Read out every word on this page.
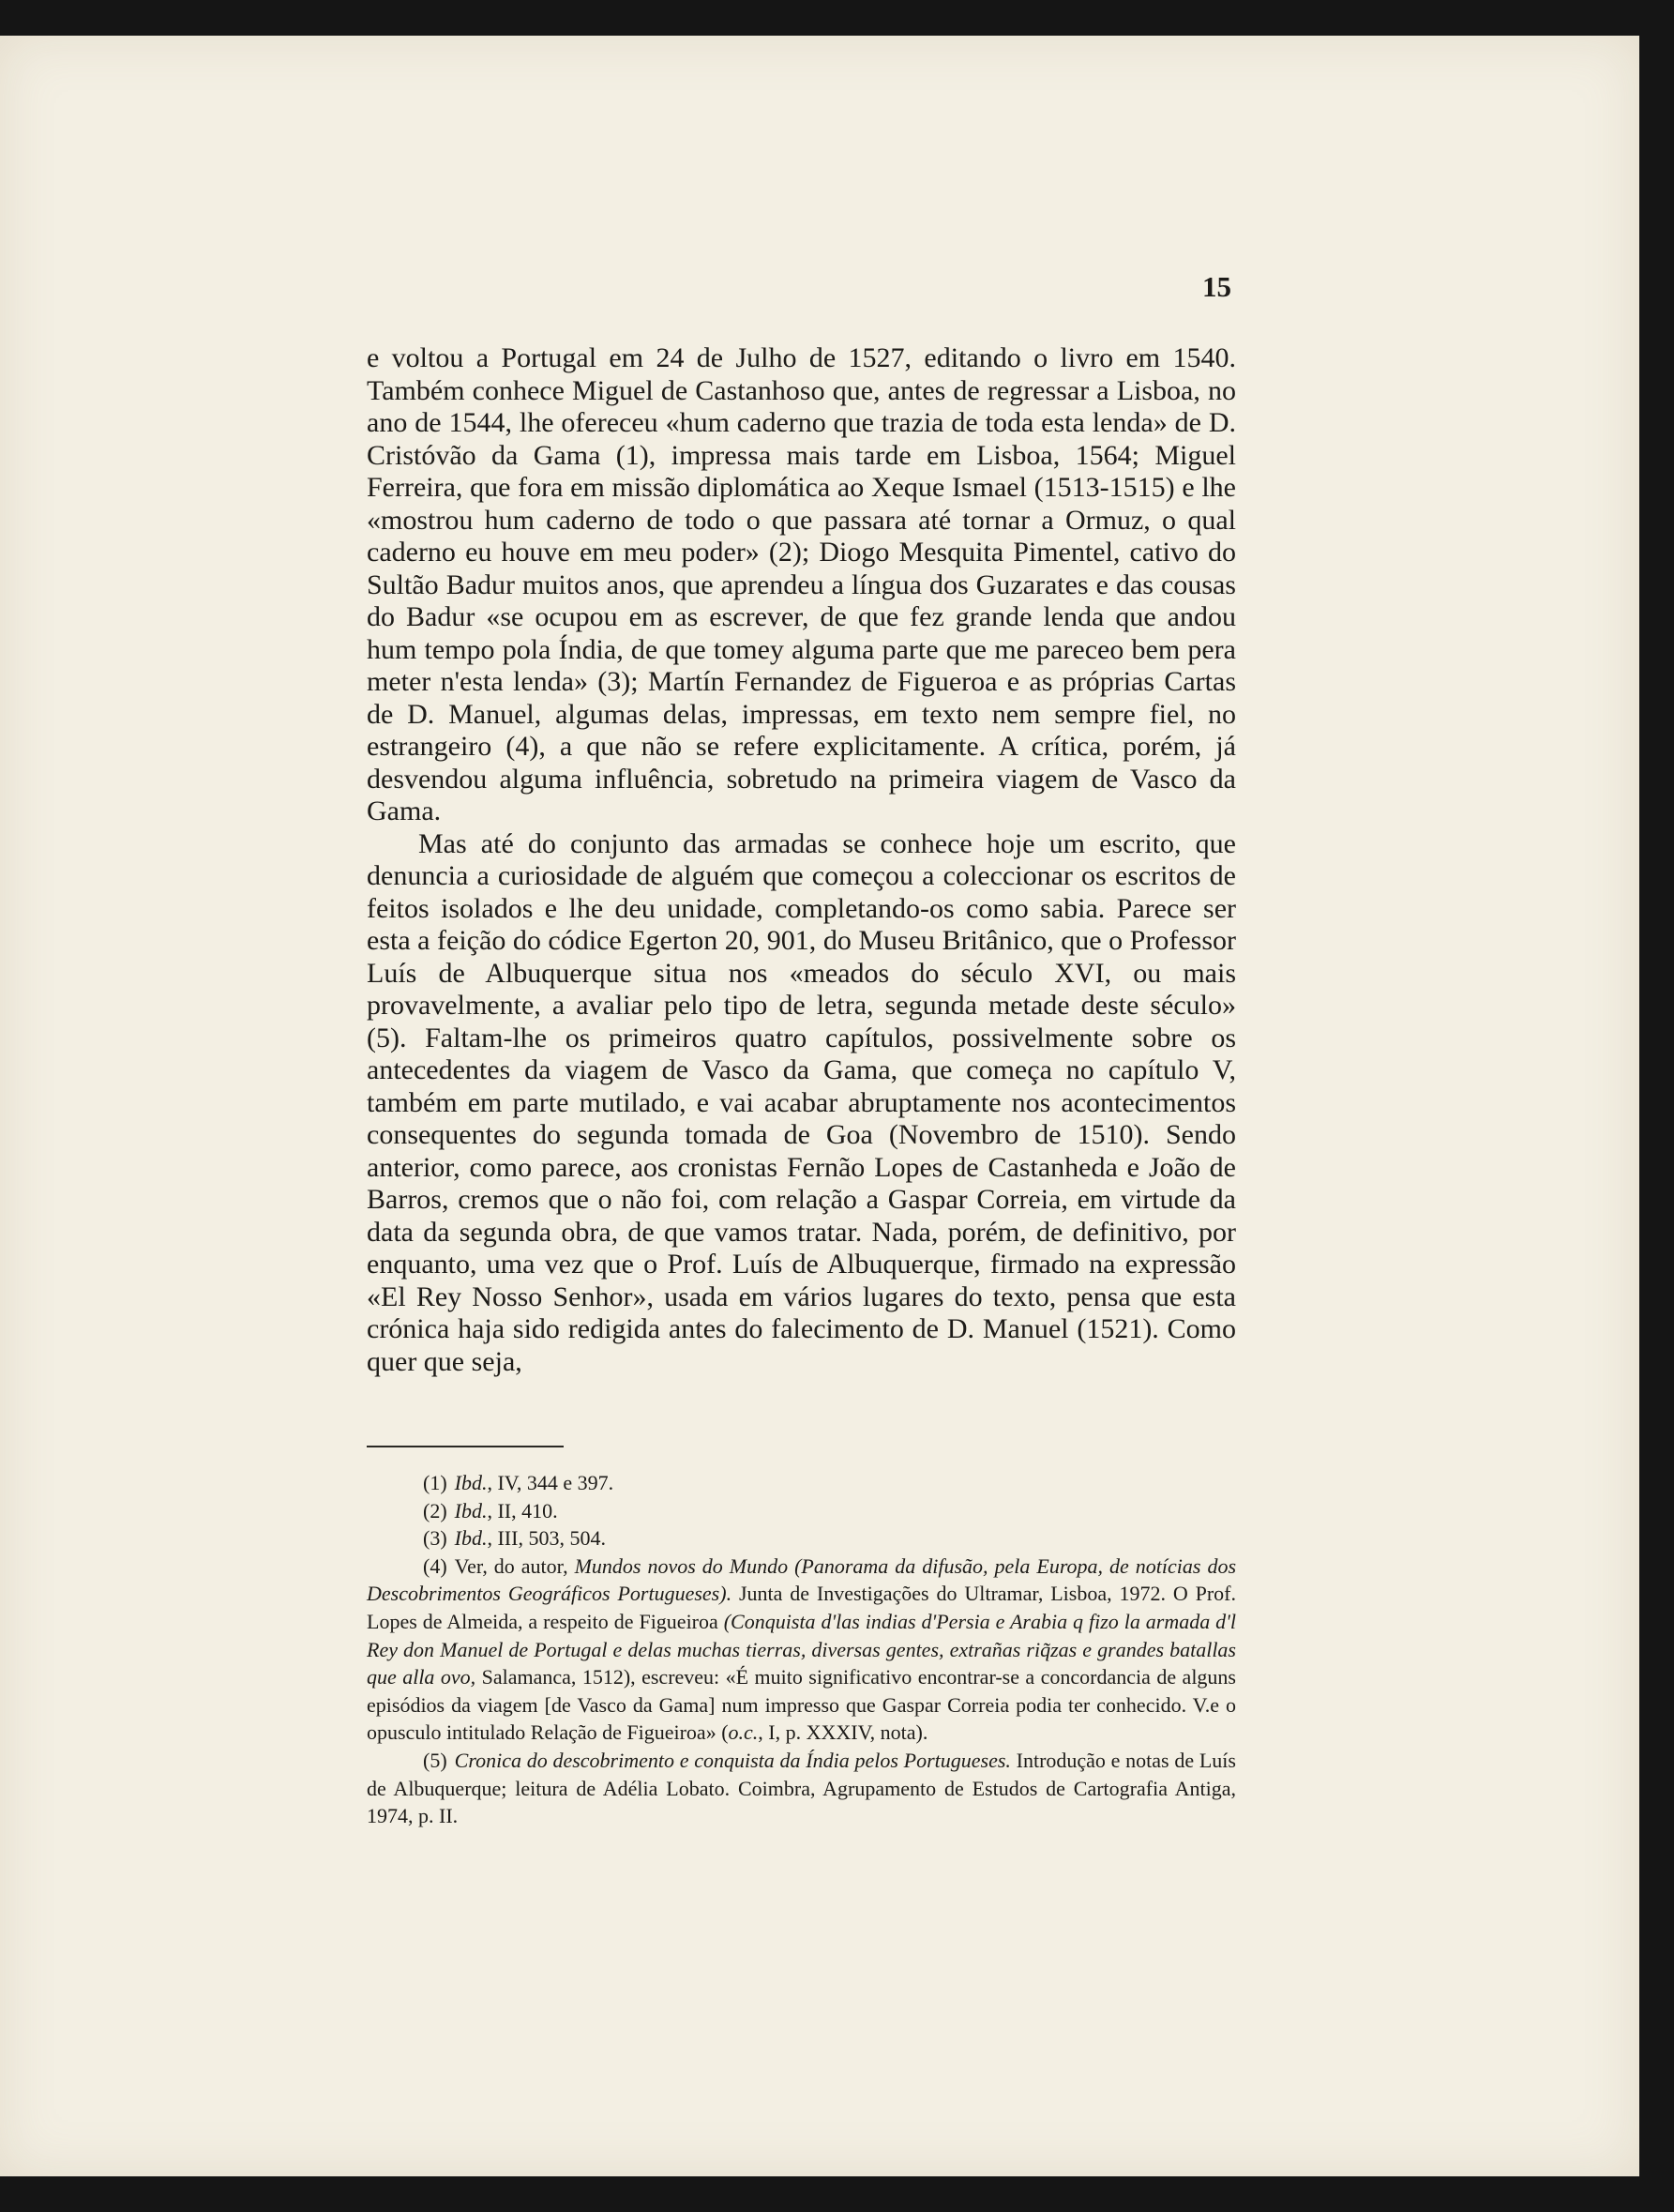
15

e voltou a Portugal em 24 de Julho de 1527, editando o livro em 1540. Também conhece Miguel de Castanhoso que, antes de regressar a Lisboa, no ano de 1544, lhe ofereceu «hum caderno que trazia de toda esta lenda» de D. Cristóvão da Gama (1), impressa mais tarde em Lisboa, 1564; Miguel Ferreira, que fora em missão diplomática ao Xeque Ismael (1513-1515) e lhe «mostrou hum caderno de todo o que passara até tornar a Ormuz, o qual caderno eu houve em meu poder» (2); Diogo Mesquita Pimentel, cativo do Sultão Badur muitos anos, que aprendeu a língua dos Guzarates e das cousas do Badur «se ocupou em as escrever, de que fez grande lenda que andou hum tempo pola Índia, de que tomey alguma parte que me pareceo bem pera meter n'esta lenda» (3); Martín Fernandez de Figueroa e as próprias Cartas de D. Manuel, algumas delas, impressas, em texto nem sempre fiel, no estrangeiro (4), a que não se refere explicitamente. A crítica, porém, já desvendou alguma influência, sobretudo na primeira viagem de Vasco da Gama.

Mas até do conjunto das armadas se conhece hoje um escrito, que denuncia a curiosidade de alguém que começou a coleccionar os escritos de feitos isolados e lhe deu unidade, completando-os como sabia. Parece ser esta a feição do códice Egerton 20, 901, do Museu Britânico, que o Professor Luís de Albuquerque situa nos «meados do século XVI, ou mais provavelmente, a avaliar pelo tipo de letra, segunda metade deste século» (5). Faltam-lhe os primeiros quatro capítulos, possivelmente sobre os antecedentes da viagem de Vasco da Gama, que começa no capítulo V, também em parte mutilado, e vai acabar abruptamente nos acontecimentos consequentes do segunda tomada de Goa (Novembro de 1510). Sendo anterior, como parece, aos cronistas Fernão Lopes de Castanheda e João de Barros, cremos que o não foi, com relação a Gaspar Correia, em virtude da data da segunda obra, de que vamos tratar. Nada, porém, de definitivo, por enquanto, uma vez que o Prof. Luís de Albuquerque, firmado na expressão «El Rey Nosso Senhor», usada em vários lugares do texto, pensa que esta crónica haja sido redigida antes do falecimento de D. Manuel (1521). Como quer que seja,

(1) Ibd., IV, 344 e 397.

(2) Ibd., II, 410.

(3) Ibd., III, 503, 504.

(4) Ver, do autor, Mundos novos do Mundo (Panorama da difusão, pela Europa, de notícias dos Descobrimentos Geográficos Portugueses). Junta de Investigações do Ultramar, Lisboa, 1972. O Prof. Lopes de Almeida, a respeito de Figueiroa (Conquista d'las indias d'Persia e Arabia q fizo la armada d'l Rey don Manuel de Portugal e delas muchas tierras, diversas gentes, extrañas riq̃zas e grandes batallas que alla ovo, Salamanca, 1512), escreveu: «É muito significativo encontrar-se a concordancia de alguns episódios da viagem [de Vasco da Gama] num impresso que Gaspar Correia podia ter conhecido. V.e o opusculo intitulado Relação de Figueiroa» (o.c., I, p. XXXIV, nota).

(5) Cronica do descobrimento e conquista da Índia pelos Portugueses. Introdução e notas de Luís de Albuquerque; leitura de Adélia Lobato. Coimbra, Agrupamento de Estudos de Cartografia Antiga, 1974, p. II.
